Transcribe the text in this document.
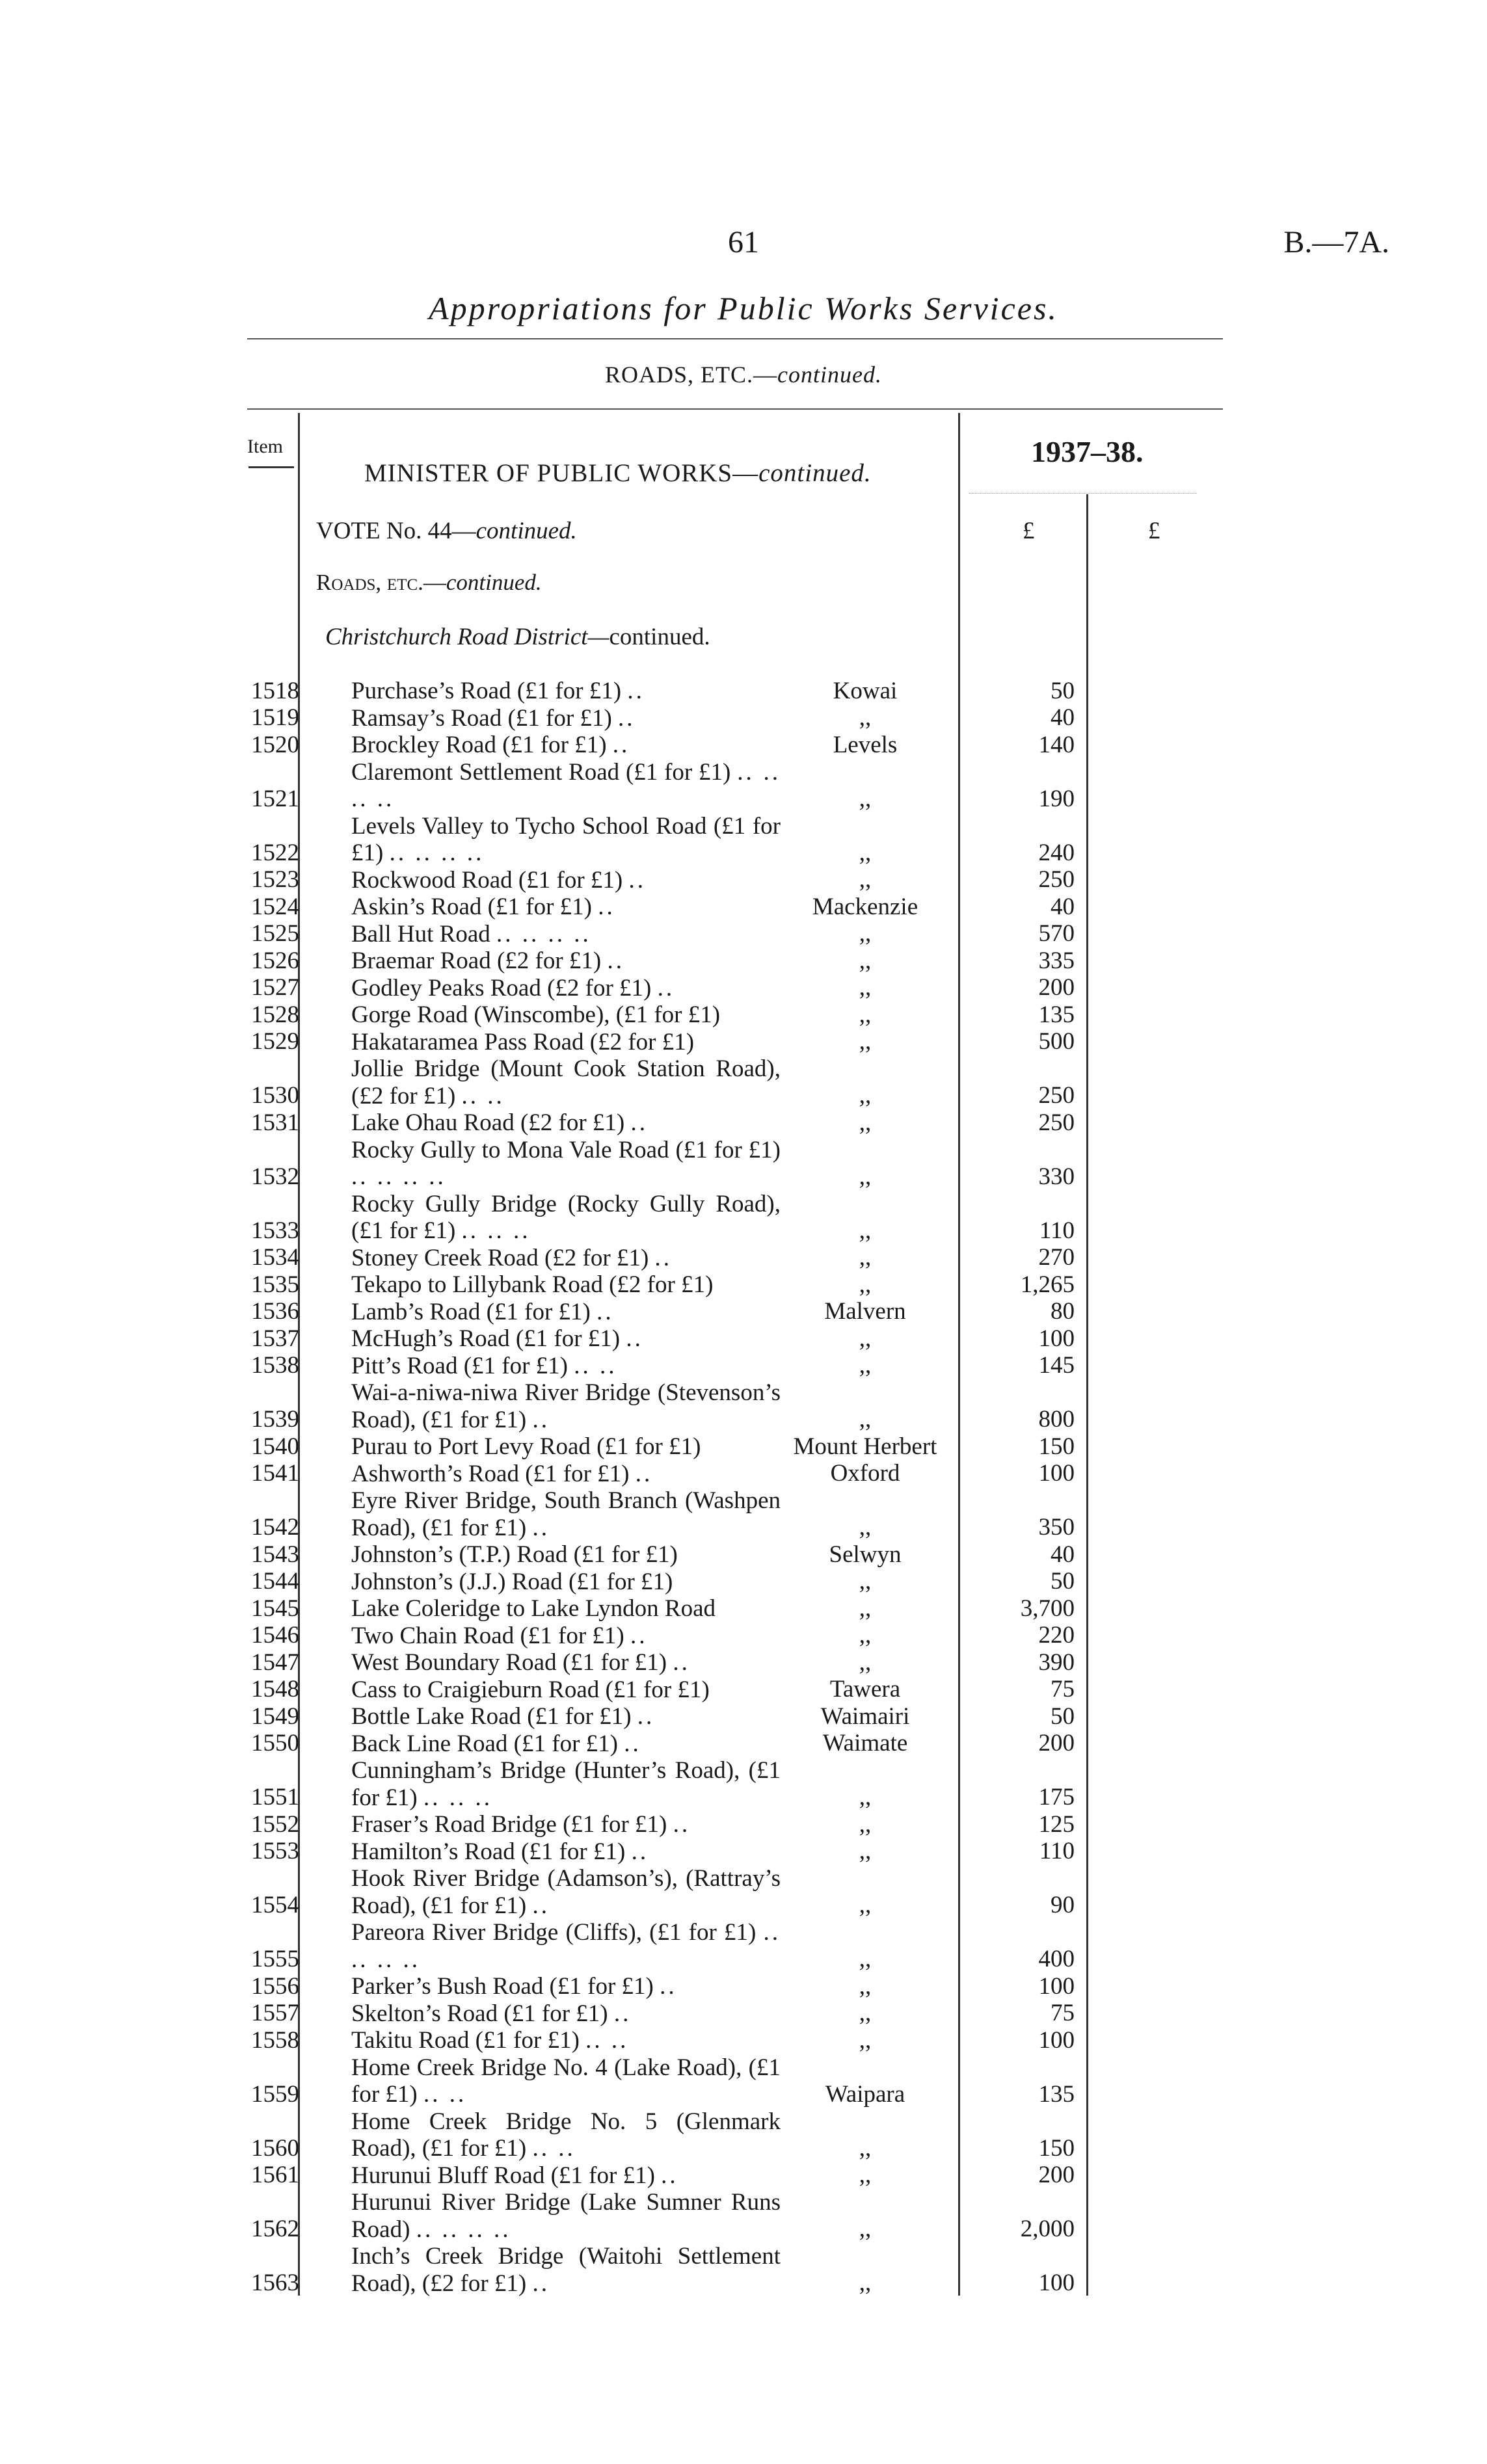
61	B.—7A.
Appropriations for Public Works Services.
ROADS, ETC.—continued.
Item
MINISTER OF PUBLIC WORKS—continued.
1937–38.
VOTE No. 44—continued.	£	£
Roads, etc.—continued.
Christchurch Road District—continued.
1518 Purchase’s Road (£1 for £1) ..	Kowai	50
1519 Ramsay’s Road (£1 for £1) ..	,,	40
1520 Brockley Road (£1 for £1) ..	Levels	140
1521
Claremont Settlement Road (£1 for £1) .. .. .. ..	,,	190
1522
Levels Valley to Tycho School Road (£1 for £1) .. .. .. ..	,,	240
1523 Rockwood Road (£1 for £1) ..	,,	250
1524 Askin’s Road (£1 for £1) ..	Mackenzie	40
1525 Ball Hut Road .. .. .. ..	,,	570
1526 Braemar Road (£2 for £1) ..	,,	335
1527 Godley Peaks Road (£2 for £1) ..	,,	200
1528 Gorge Road (Winscombe), (£1 for £1)	,,	135
1529 Hakataramea Pass Road (£2 for £1)	,,	500
1530
Jollie Bridge (Mount Cook Station Road), (£2 for £1) .. ..	,,	250
1531 Lake Ohau Road (£2 for £1) ..	,,	250
1532
Rocky Gully to Mona Vale Road (£1 for £1) .. .. .. ..	,,	330
1533
Rocky Gully Bridge (Rocky Gully Road), (£1 for £1) .. .. ..	,,	110
1534 Stoney Creek Road (£2 for £1) ..	,,	270
1535 Tekapo to Lillybank Road (£2 for £1)	,,	1,265
1536 Lamb’s Road (£1 for £1) ..	Malvern	80
1537 McHugh’s Road (£1 for £1) ..	,,	100
1538 Pitt’s Road (£1 for £1) .. ..	,,	145
1539
Wai-a-niwa-niwa River Bridge (Stevenson’s Road), (£1 for £1) ..	,,	800
1540 Purau to Port Levy Road (£1 for £1)	Mount Herbert	150
1541 Ashworth’s Road (£1 for £1) ..	Oxford	100
1542
Eyre River Bridge, South Branch (Washpen Road), (£1 for £1) ..	,,	350
1543 Johnston’s (T.P.) Road (£1 for £1)	Selwyn	40
1544 Johnston’s (J.J.) Road (£1 for £1)	,,	50
1545 Lake Coleridge to Lake Lyndon Road	,,	3,700
1546 Two Chain Road (£1 for £1) ..	,,	220
1547 West Boundary Road (£1 for £1) ..	,,	390
1548 Cass to Craigieburn Road (£1 for £1)	Tawera	75
1549 Bottle Lake Road (£1 for £1) ..	Waimairi	50
1550 Back Line Road (£1 for £1) ..	Waimate	200
1551
Cunningham’s Bridge (Hunter’s Road), (£1 for £1) .. .. ..	,,	175
1552 Fraser’s Road Bridge (£1 for £1) ..	,,	125
1553 Hamilton’s Road (£1 for £1) ..	,,	110
1554
Hook River Bridge (Adamson’s), (Rattray’s Road), (£1 for £1) ..	,,	90
1555
Pareora River Bridge (Cliffs), (£1 for £1) .. .. .. ..	,,	400
1556 Parker’s Bush Road (£1 for £1) ..	,,	100
1557 Skelton’s Road (£1 for £1) ..	,,	75
1558 Takitu Road (£1 for £1) .. ..	,,	100
1559
Home Creek Bridge No. 4 (Lake Road), (£1 for £1) .. ..	Waipara	135
1560
Home Creek Bridge No. 5 (Glenmark Road), (£1 for £1) .. ..	,,	150
1561 Hurunui Bluff Road (£1 for £1) ..	,,	200
1562
Hurunui River Bridge (Lake Sumner Runs Road) .. .. .. ..	,,	2,000
1563
Inch’s Creek Bridge (Waitohi Settlement Road), (£2 for £1) ..	,,	100
